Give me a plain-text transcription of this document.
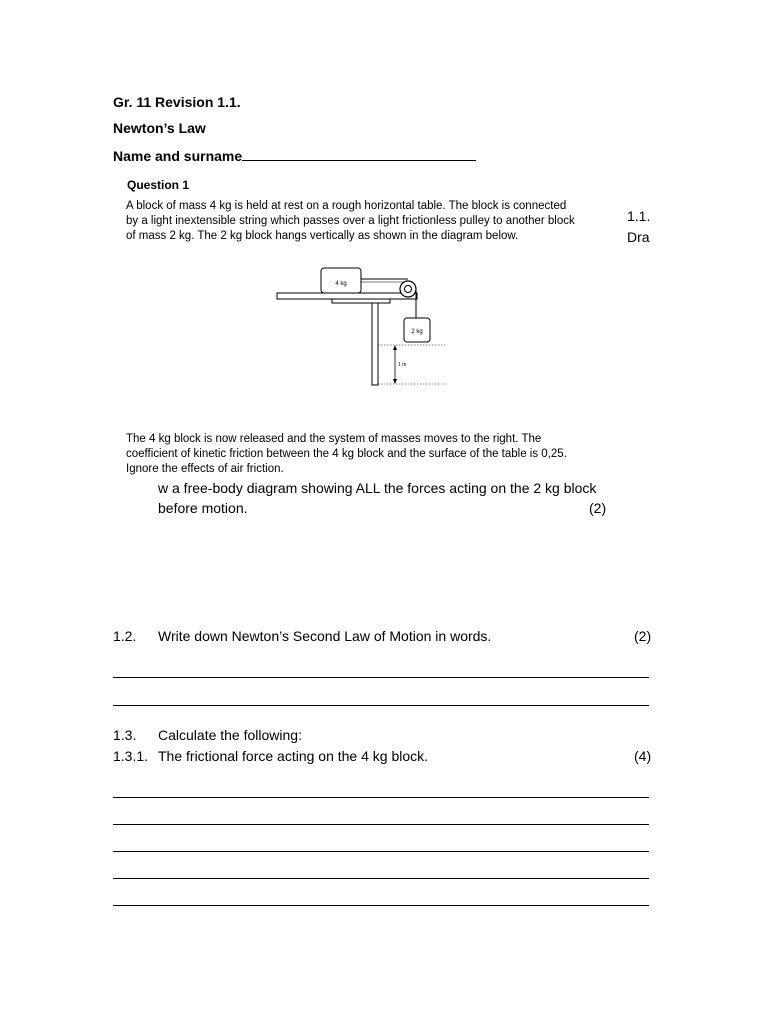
Gr. 11 Revision 1.1.
Newton’s Law
Name and surname
Question 1
A block of mass 4 kg is held at rest on a rough horizontal table. The block is connected
by a light inextensible string which passes over a light frictionless pulley to another block
of mass 2 kg. The 2 kg block hangs vertically as shown in the diagram below.
1.1.
Dra
4 kg
2 kg
1 m
The 4 kg block is now released and the system of masses moves to the right. The
coefficient of kinetic friction between the 4 kg block and the surface of the table is 0,25.
Ignore the effects of air friction.
w a free-body diagram showing ALL the forces acting on the 2 kg block
before motion.	(2)
1.2. Write down Newton’s Second Law of Motion in words.	(2)
1.3. Calculate the following:
1.3.1. The frictional force acting on the 4 kg block.	(4)
